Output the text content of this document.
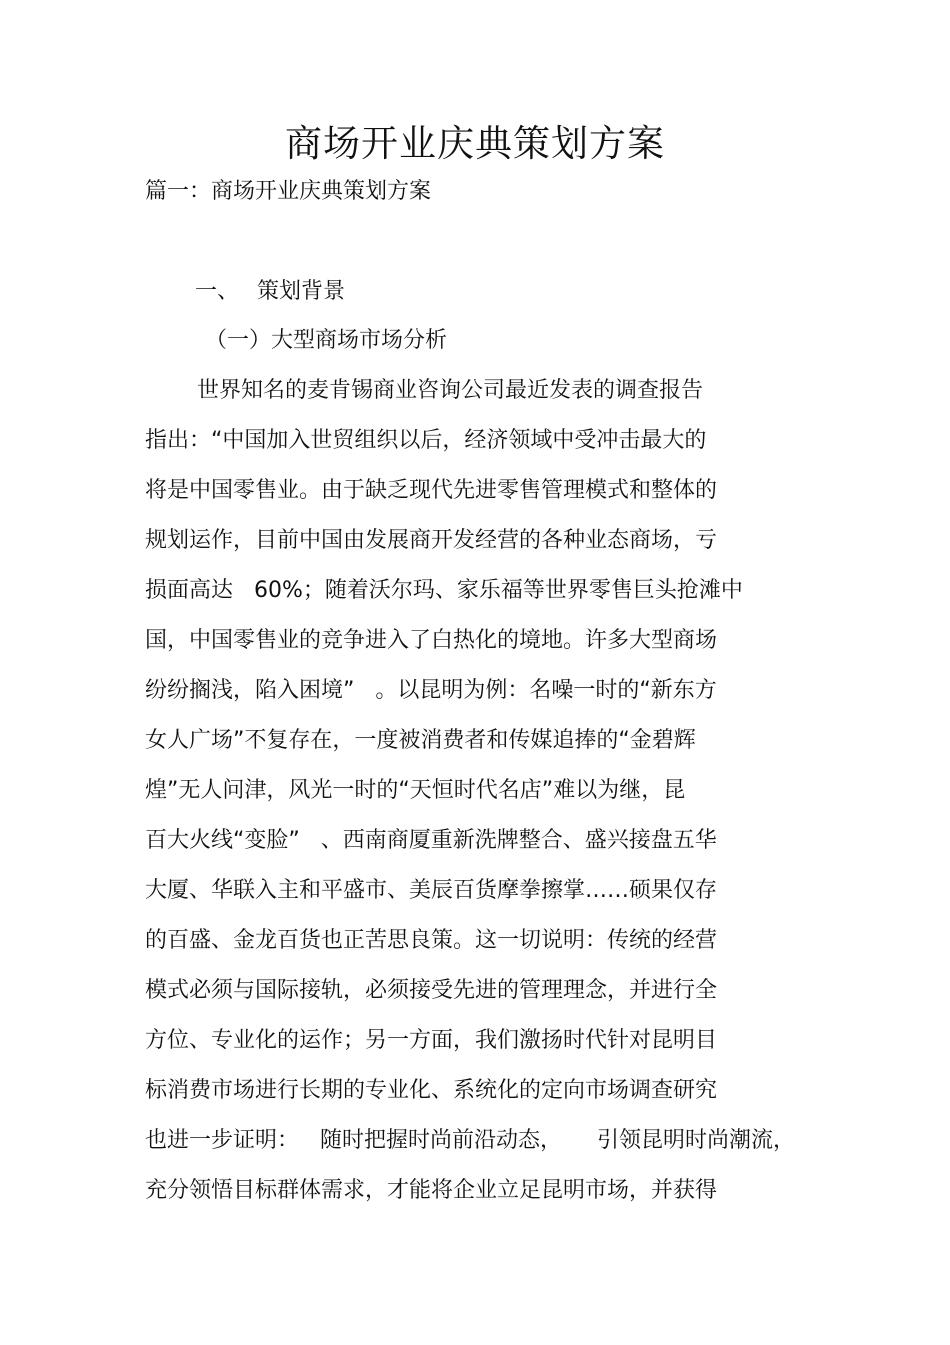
商场开业庆典策划方案
篇一：商场开业庆典策划方案
一、 策划背景
（一）大型商场市场分析
世界知名的麦肯锡商业咨询公司最近发表的调查报告
指出：“中国加入世贸组织以后，经济领域中受冲击最大的
将是中国零售业。由于缺乏现代先进零售管理模式和整体的
规划运作，目前中国由发展商开发经营的各种业态商场，亏
损面高达   60%；随着沃尔玛、家乐福等世界零售巨头抢滩中
国，中国零售业的竞争进入了白热化的境地。许多大型商场
纷纷搁浅，陷入困境”   。以昆明为例：名噪一时的“新东方
女人广场”不复存在，一度被消费者和传媒追捧的“金碧辉
煌”无人问津，风光一时的“天恒时代名店”难以为继，昆
百大火线“变脸”   、西南商厦重新洗牌整合、盛兴接盘五华
大厦、华联入主和平盛市、美辰百货摩拳擦掌……硕果仅存
的百盛、金龙百货也正苦思良策。这一切说明：传统的经营
模式必须与国际接轨，必须接受先进的管理理念，并进行全
方位、专业化的运作；另一方面，我们激扬时代针对昆明目
标消费市场进行长期的专业化、系统化的定向市场调查研究
也进一步证明：   随时把握时尚前沿动态，     引领昆明时尚潮流，
充分领悟目标群体需求，才能将企业立足昆明市场，并获得
